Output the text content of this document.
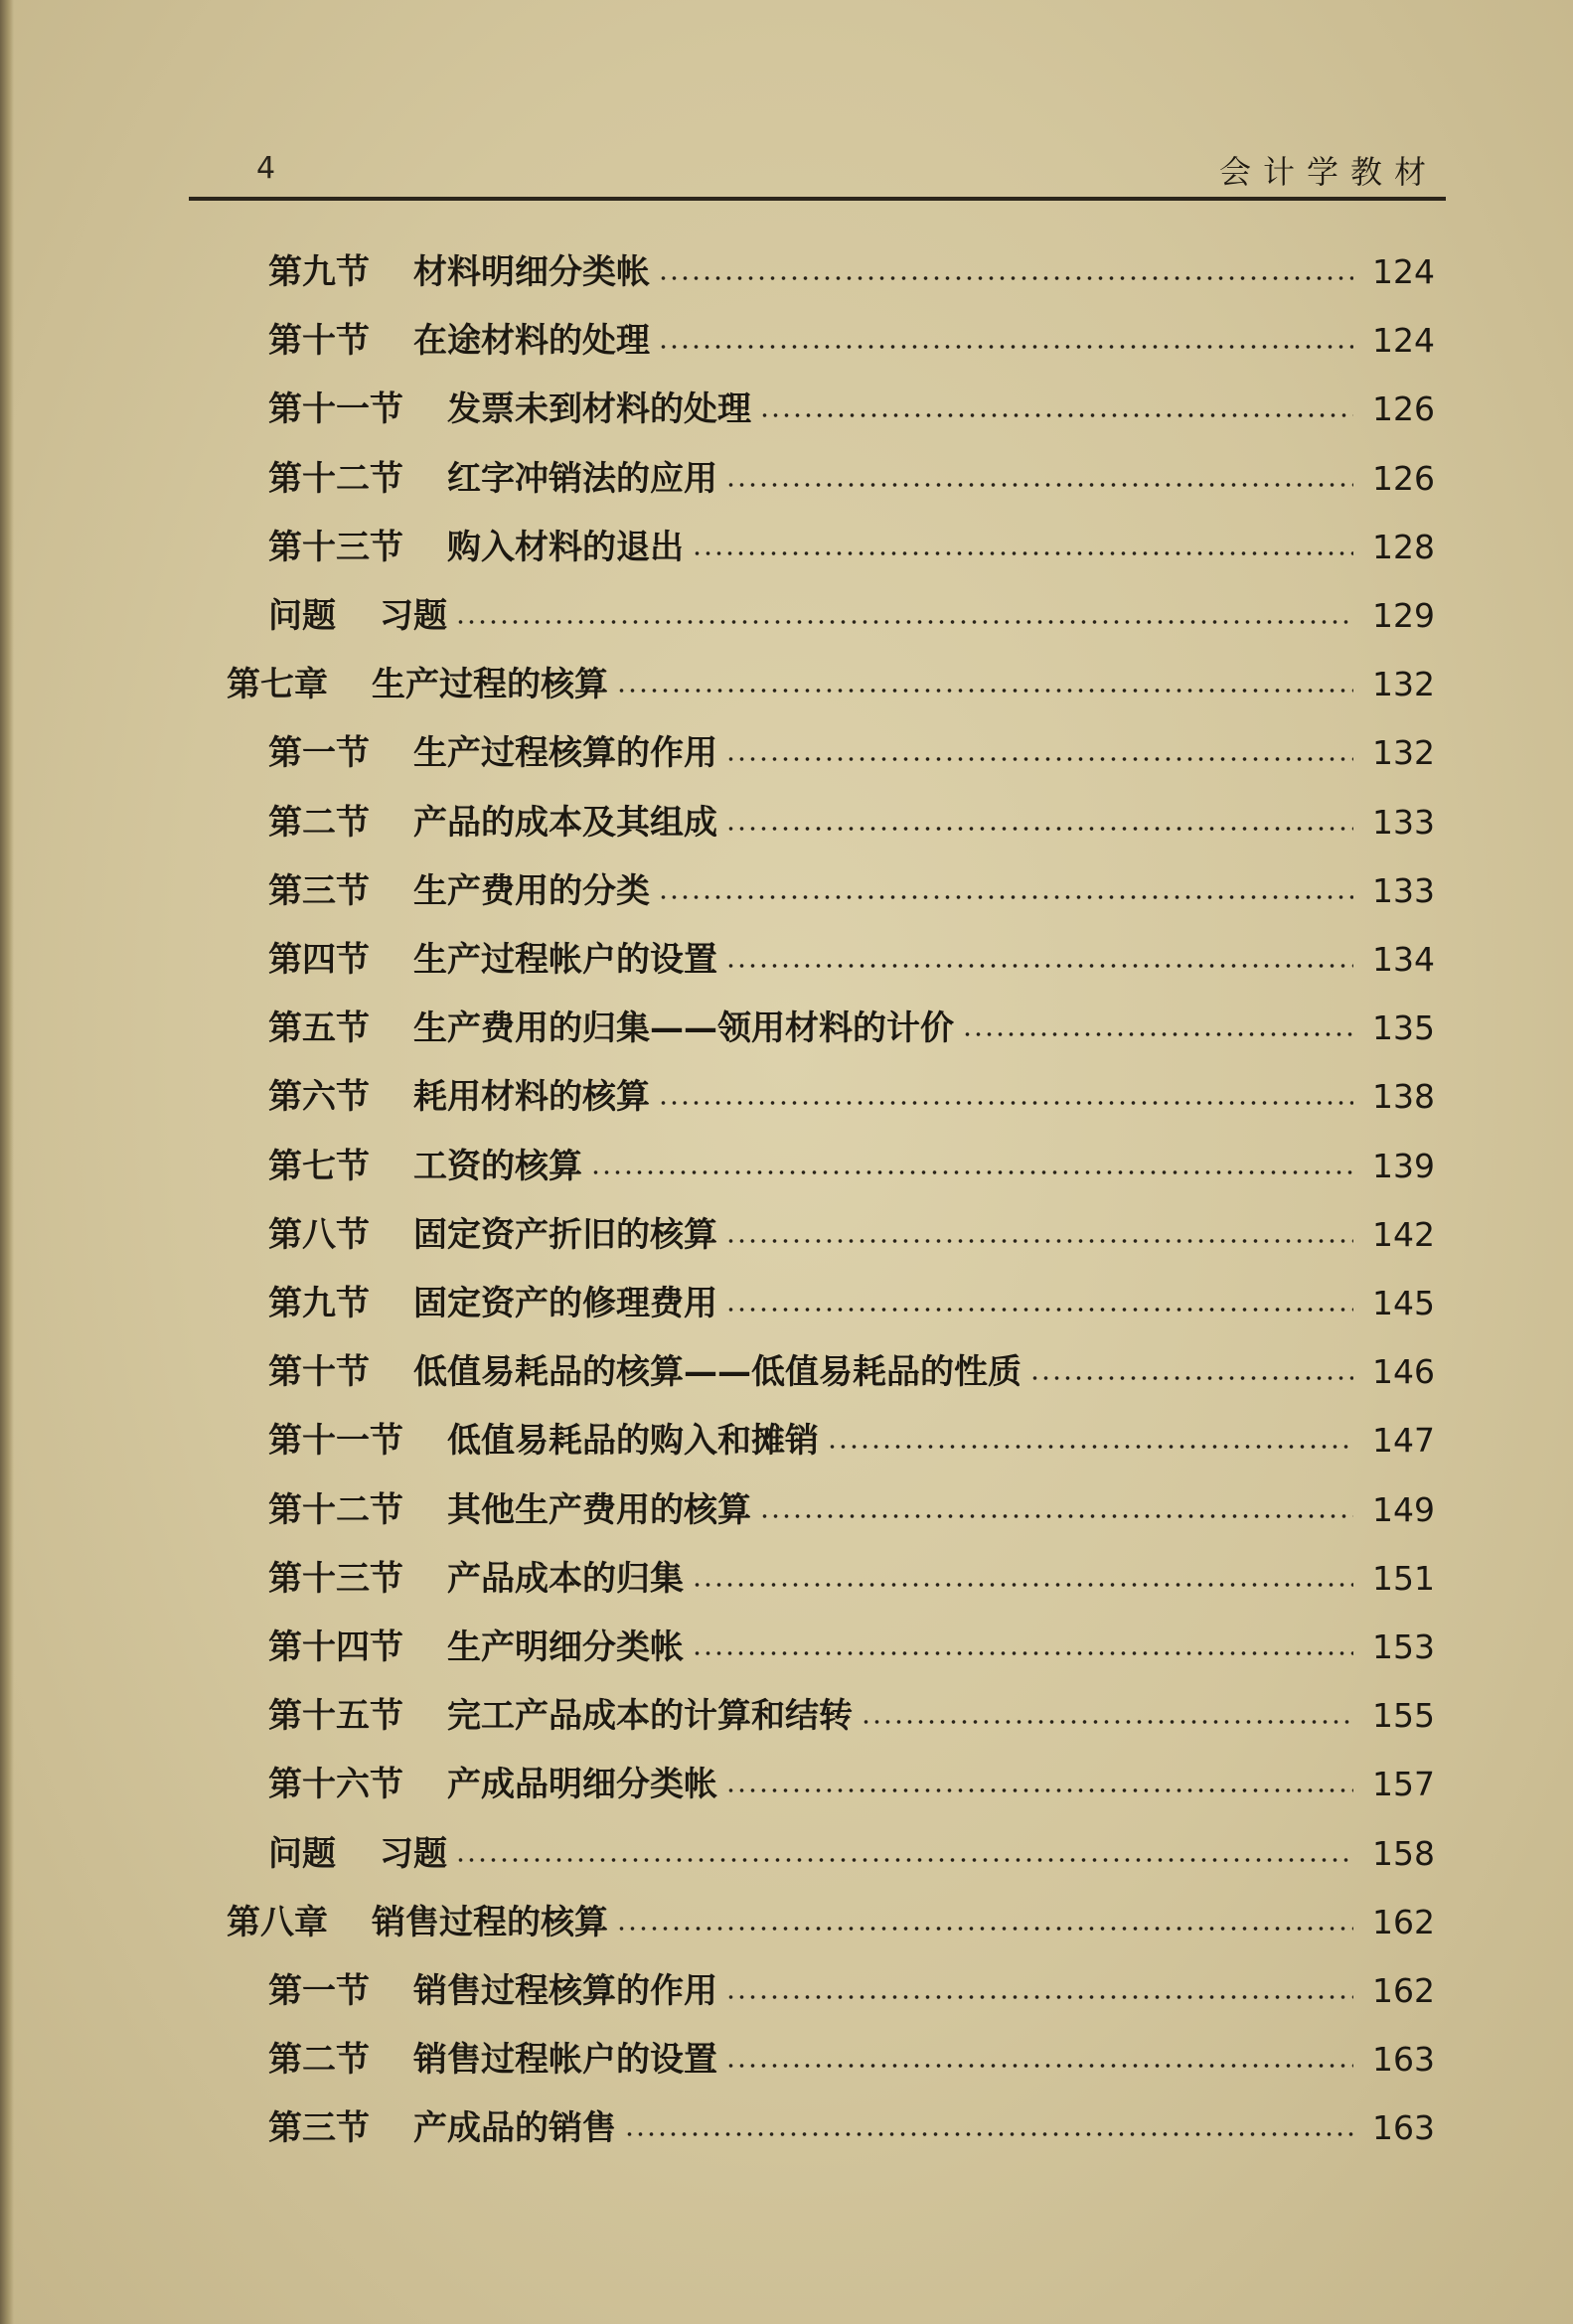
4	会计学教材
第九节 材料明细分类帐	124
第十节 在途材料的处理	124
第十一节 发票未到材料的处理	126
第十二节 红字冲销法的应用	126
第十三节 购入材料的退出	128
问题 习题	129
第七章 生产过程的核算	132
第一节 生产过程核算的作用	132
第二节 产品的成本及其组成	133
第三节 生产费用的分类	133
第四节 生产过程帐户的设置	134
第五节 生产费用的归集——领用材料的计价	135
第六节 耗用材料的核算	138
第七节 工资的核算	139
第八节 固定资产折旧的核算	142
第九节 固定资产的修理费用	145
第十节 低值易耗品的核算——低值易耗品的性质	146
第十一节 低值易耗品的购入和摊销	147
第十二节 其他生产费用的核算	149
第十三节 产品成本的归集	151
第十四节 生产明细分类帐	153
第十五节 完工产品成本的计算和结转	155
第十六节 产成品明细分类帐	157
问题 习题	158
第八章 销售过程的核算	162
第一节 销售过程核算的作用	162
第二节 销售过程帐户的设置	163
第三节 产成品的销售	163
